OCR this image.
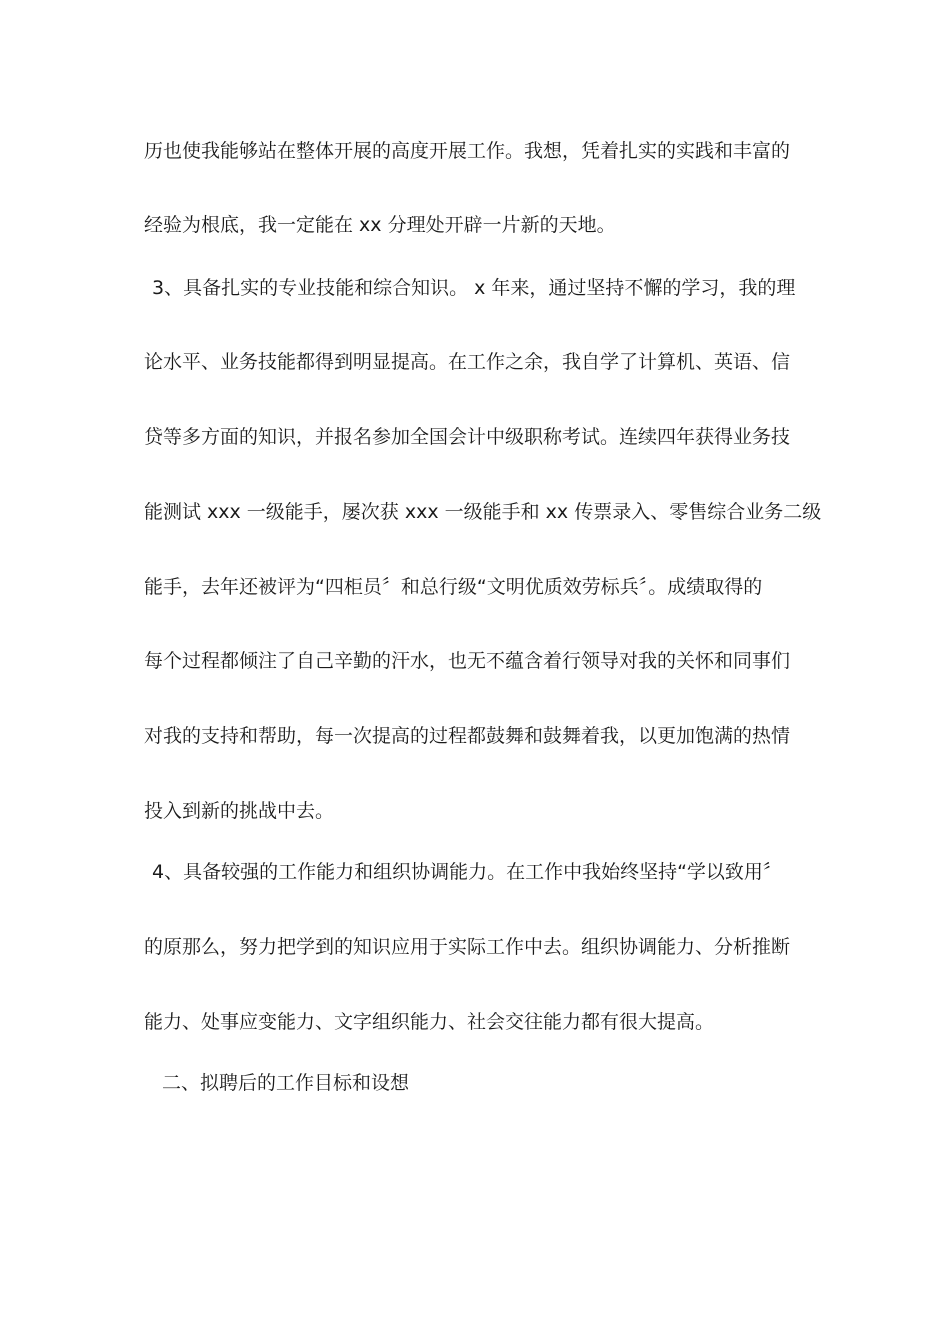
历也使我能够站在整体开展的高度开展工作。我想，凭着扎实的实践和丰富的

经验为根底，我一定能在 xx 分理处开辟一片新的天地。

3、具备扎实的专业技能和综合知识。 x 年来，通过坚持不懈的学习，我的理

论水平、业务技能都得到明显提高。在工作之余，我自学了计算机、英语、信

贷等多方面的知识，并报名参加全国会计中级职称考试。连续四年获得业务技

能测试 xxx 一级能手，屡次获 xxx 一级能手和 xx 传票录入、零售综合业务二级

能手，去年还被评为“四柜员〞和总行级“文明优质效劳标兵〞。成绩取得的

每个过程都倾注了自己辛勤的汗水，也无不蕴含着行领导对我的关怀和同事们

对我的支持和帮助，每一次提高的过程都鼓舞和鼓舞着我，以更加饱满的热情

投入到新的挑战中去。

4、具备较强的工作能力和组织协调能力。在工作中我始终坚持“学以致用〞

的原那么，努力把学到的知识应用于实际工作中去。组织协调能力、分析推断

能力、处事应变能力、文字组织能力、社会交往能力都有很大提高。

二、拟聘后的工作目标和设想
